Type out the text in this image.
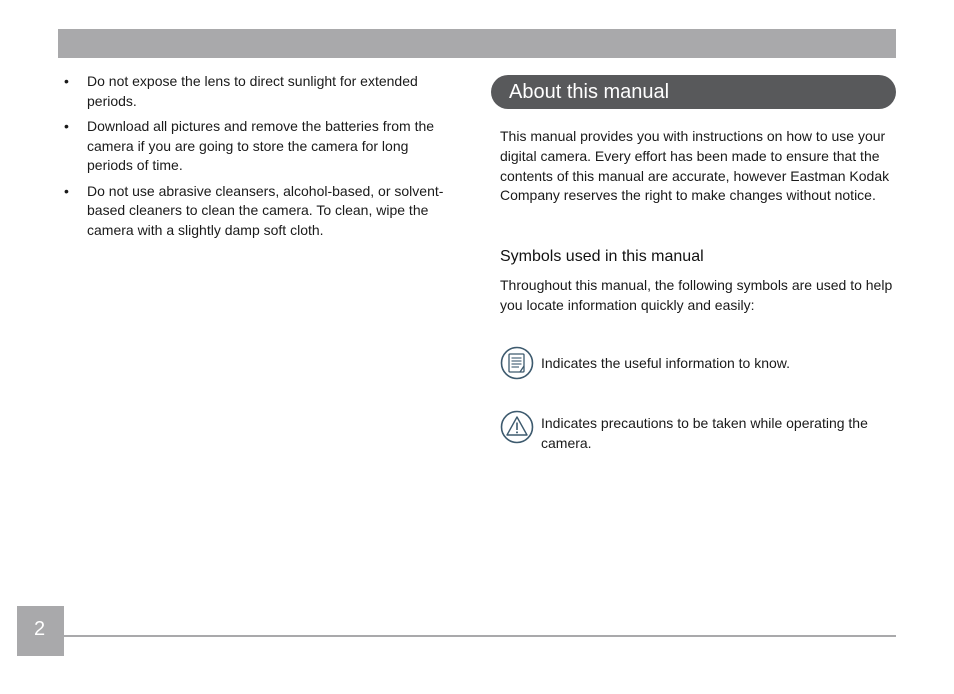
• Do not expose the lens to direct sunlight for extended periods.
• Download all pictures and remove the batteries from the camera if you are going to store the camera for long periods of time.
• Do not use abrasive cleansers, alcohol-based, or solvent-based cleaners to clean the camera. To clean, wipe the camera with a slightly damp soft cloth.
About this manual

This manual provides you with instructions on how to use your digital camera. Every effort has been made to ensure that the contents of this manual are accurate, however Eastman Kodak Company reserves the right to make changes without notice.

Symbols used in this manual

Throughout this manual, the following symbols are used to help you locate information quickly and easily:

Indicates the useful information to know.
Indicates precautions to be taken while operating the camera.
2
